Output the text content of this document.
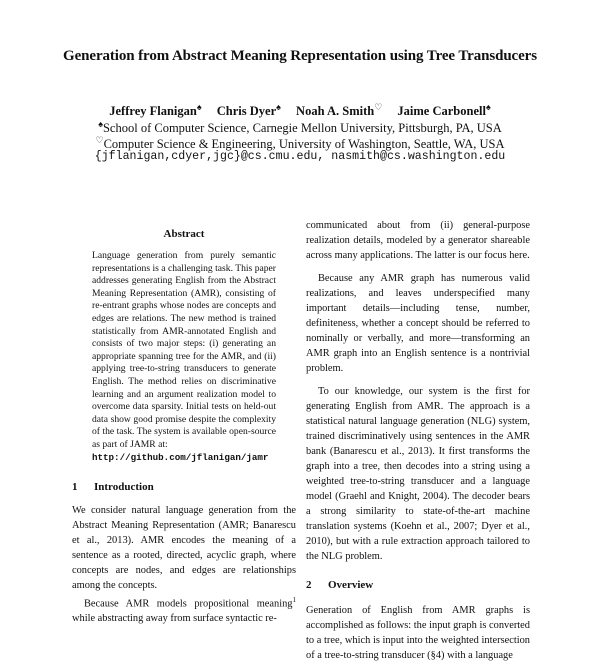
Generation from Abstract Meaning Representation using Tree Transducers
Jeffrey Flanigan♠ Chris Dyer♠ Noah A. Smith♡ Jaime Carbonell♠
♠School of Computer Science, Carnegie Mellon University, Pittsburgh, PA, USA
♡Computer Science & Engineering, University of Washington, Seattle, WA, USA
{jflanigan,cdyer,jgc}@cs.cmu.edu, nasmith@cs.washington.edu
Abstract
Language generation from purely semantic representations is a challenging task. This paper addresses generating English from the Abstract Meaning Representation (AMR), consisting of re-entrant graphs whose nodes are concepts and edges are relations. The new method is trained statistically from AMR-annotated English and consists of two major steps: (i) generating an appropriate spanning tree for the AMR, and (ii) applying tree-to-string transducers to generate English. The method relies on discriminative learning and an argument realization model to overcome data sparsity. Initial tests on held-out data show good promise despite the complexity of the task. The system is available open-source as part of JAMR at:
http://github.com/jflanigan/jamr
1	Introduction

We consider natural language generation from the Abstract Meaning Representation (AMR; Banarescu et al., 2013). AMR encodes the meaning of a sentence as a rooted, directed, acyclic graph, where concepts are nodes, and edges are relationships among the concepts.

Because AMR models propositional meaning$^1$ while abstracting away from surface syntactic re-

communicated about from (ii) general-purpose realization details, modeled by a generator shareable across many applications. The latter is our focus here.

Because any AMR graph has numerous valid realizations, and leaves underspecified many important details—including tense, number, definiteness, whether a concept should be referred to nominally or verbally, and more—transforming an AMR graph into an English sentence is a nontrivial problem.

To our knowledge, our system is the first for generating English from AMR. The approach is a statistical natural language generation (NLG) system, trained discriminatively using sentences in the AMR bank (Banarescu et al., 2013). It first transforms the graph into a tree, then decodes into a string using a weighted tree-to-string transducer and a language model (Graehl and Knight, 2004). The decoder bears a strong similarity to state-of-the-art machine translation systems (Koehn et al., 2007; Dyer et al., 2010), but with a rule extraction approach tailored to the NLG problem.

2	Overview

Generation of English from AMR graphs is accomplished as follows: the input graph is converted to a tree, which is input into the weighted intersection of a tree-to-string transducer (§4) with a language
